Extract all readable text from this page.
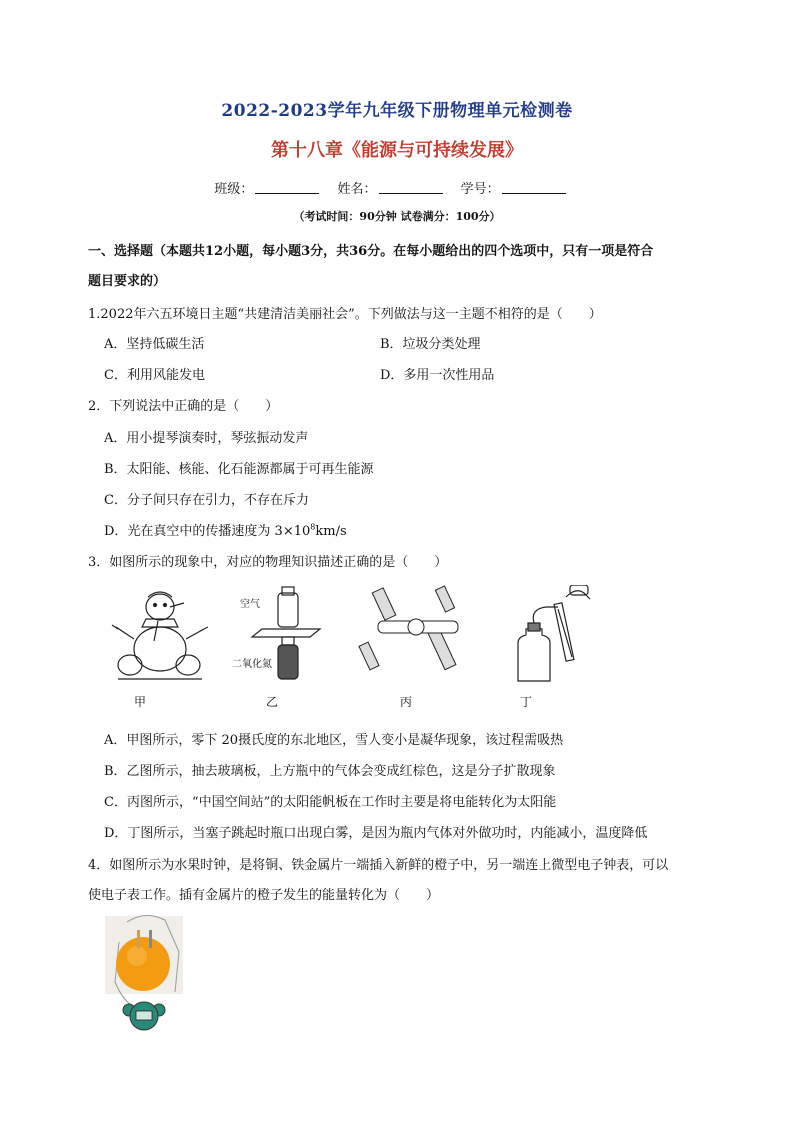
2022-2023学年九年级下册物理单元检测卷
第十八章《能源与可持续发展》
班级：	姓名：	学号：
（考试时间：90分钟 试卷满分：100分）
一、选择题（本题共12小题，每小题3分，共36分。在每小题给出的四个选项中，只有一项是符合
题目要求的）
1.2022年六五环境日主题“共建清洁美丽社会”。下列做法与这一主题不相符的是（　　）
A．坚持低碳生活	B．垃圾分类处理
C．利用风能发电	D．多用一次性用品
2．下列说法中正确的是（　　）
A．用小提琴演奏时，琴弦振动发声
B．太阳能、核能、化石能源都属于可再生能源
C．分子间只存在引力，不存在斥力
D．光在真空中的传播速度为 $3\times 10^8km/s$
3．如图所示的现象中，对应的物理知识描述正确的是（　　）
空气
二氧化氮
甲	乙	丙	丁
A．甲图所示，零下 20摄氏度的东北地区，雪人变小是凝华现象，该过程需吸热
B．乙图所示，抽去玻璃板，上方瓶中的气体会变成红棕色，这是分子扩散现象
C．丙图所示，“中国空间站”的太阳能帆板在工作时主要是将电能转化为太阳能
D．丁图所示，当塞子跳起时瓶口出现白雾，是因为瓶内气体对外做功时，内能减小，温度降低
4．如图所示为水果时钟，是将铜、铁金属片一端插入新鲜的橙子中，另一端连上微型电子钟表，可以
使电子表工作。插有金属片的橙子发生的能量转化为（　　）
